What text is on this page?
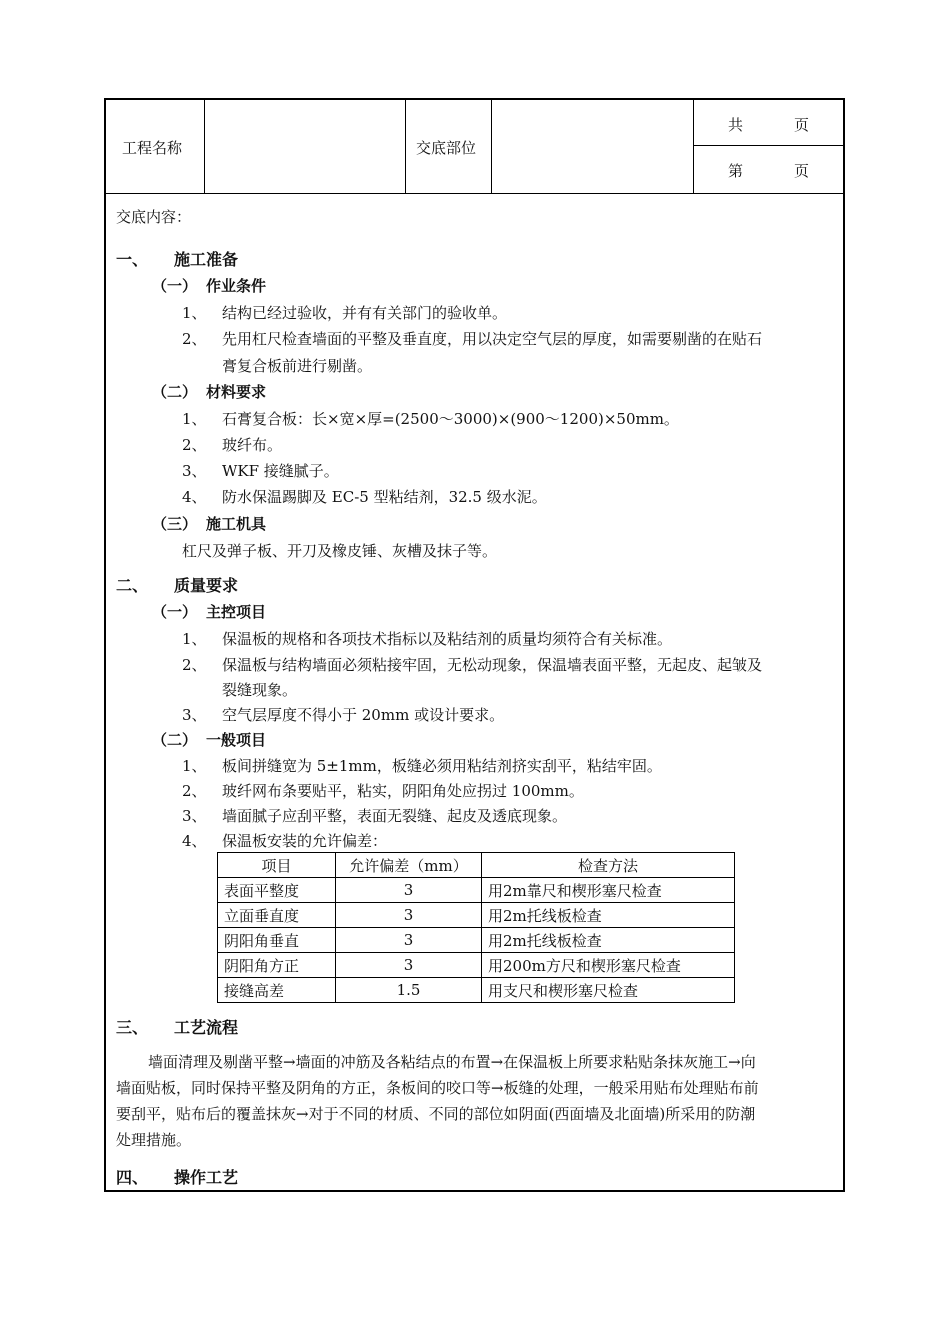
工程名称	交底部位
共	页
第	页
交底内容：
一、 施工准备
（一） 作业条件
1、 结构已经过验收，并有有关部门的验收单。
2、 先用杠尺检查墙面的平整及垂直度，用以决定空气层的厚度，如需要剔凿的在贴石
膏复合板前进行剔凿。
（二） 材料要求
1、 石膏复合板：长×宽×厚=(2500～3000)×(900～1200)×50mm。
2、 玻纤布。
3、 WKF 接缝腻子。
4、 防水保温踢脚及 EC-5 型粘结剂，32.5 级水泥。
（三） 施工机具
杠尺及弹子板、开刀及橡皮锤、灰槽及抹子等。
二、 质量要求
（一） 主控项目
1、 保温板的规格和各项技术指标以及粘结剂的质量均须符合有关标准。
2、 保温板与结构墙面必须粘接牢固，无松动现象，保温墙表面平整，无起皮、起皱及
裂缝现象。
3、 空气层厚度不得小于 20mm 或设计要求。
（二） 一般项目
1、 板间拼缝宽为 5±1mm，板缝必须用粘结剂挤实刮平，粘结牢固。
2、 玻纤网布条要贴平，粘实，阴阳角处应拐过 100mm。
3、 墙面腻子应刮平整，表面无裂缝、起皮及透底现象。
4、 保温板安装的允许偏差：
项目	允许偏差（mm）	检查方法
表面平整度	3	用2m靠尺和楔形塞尺检查
立面垂直度	3	用2m托线板检查
阴阳角垂直	3	用2m托线板检查
阴阳角方正	3	用200m方尺和楔形塞尺检查
接缝高差	1.5	用支尺和楔形塞尺检查
三、 工艺流程
墙面清理及剔凿平整→墙面的冲筋及各粘结点的布置→在保温板上所要求粘贴条抹灰施工→向
墙面贴板，同时保持平整及阴角的方正，条板间的咬口等→板缝的处理，一般采用贴布处理贴布前
要刮平，贴布后的覆盖抹灰→对于不同的材质、不同的部位如阴面(西面墙及北面墙)所采用的防潮
处理措施。
四、 操作工艺
